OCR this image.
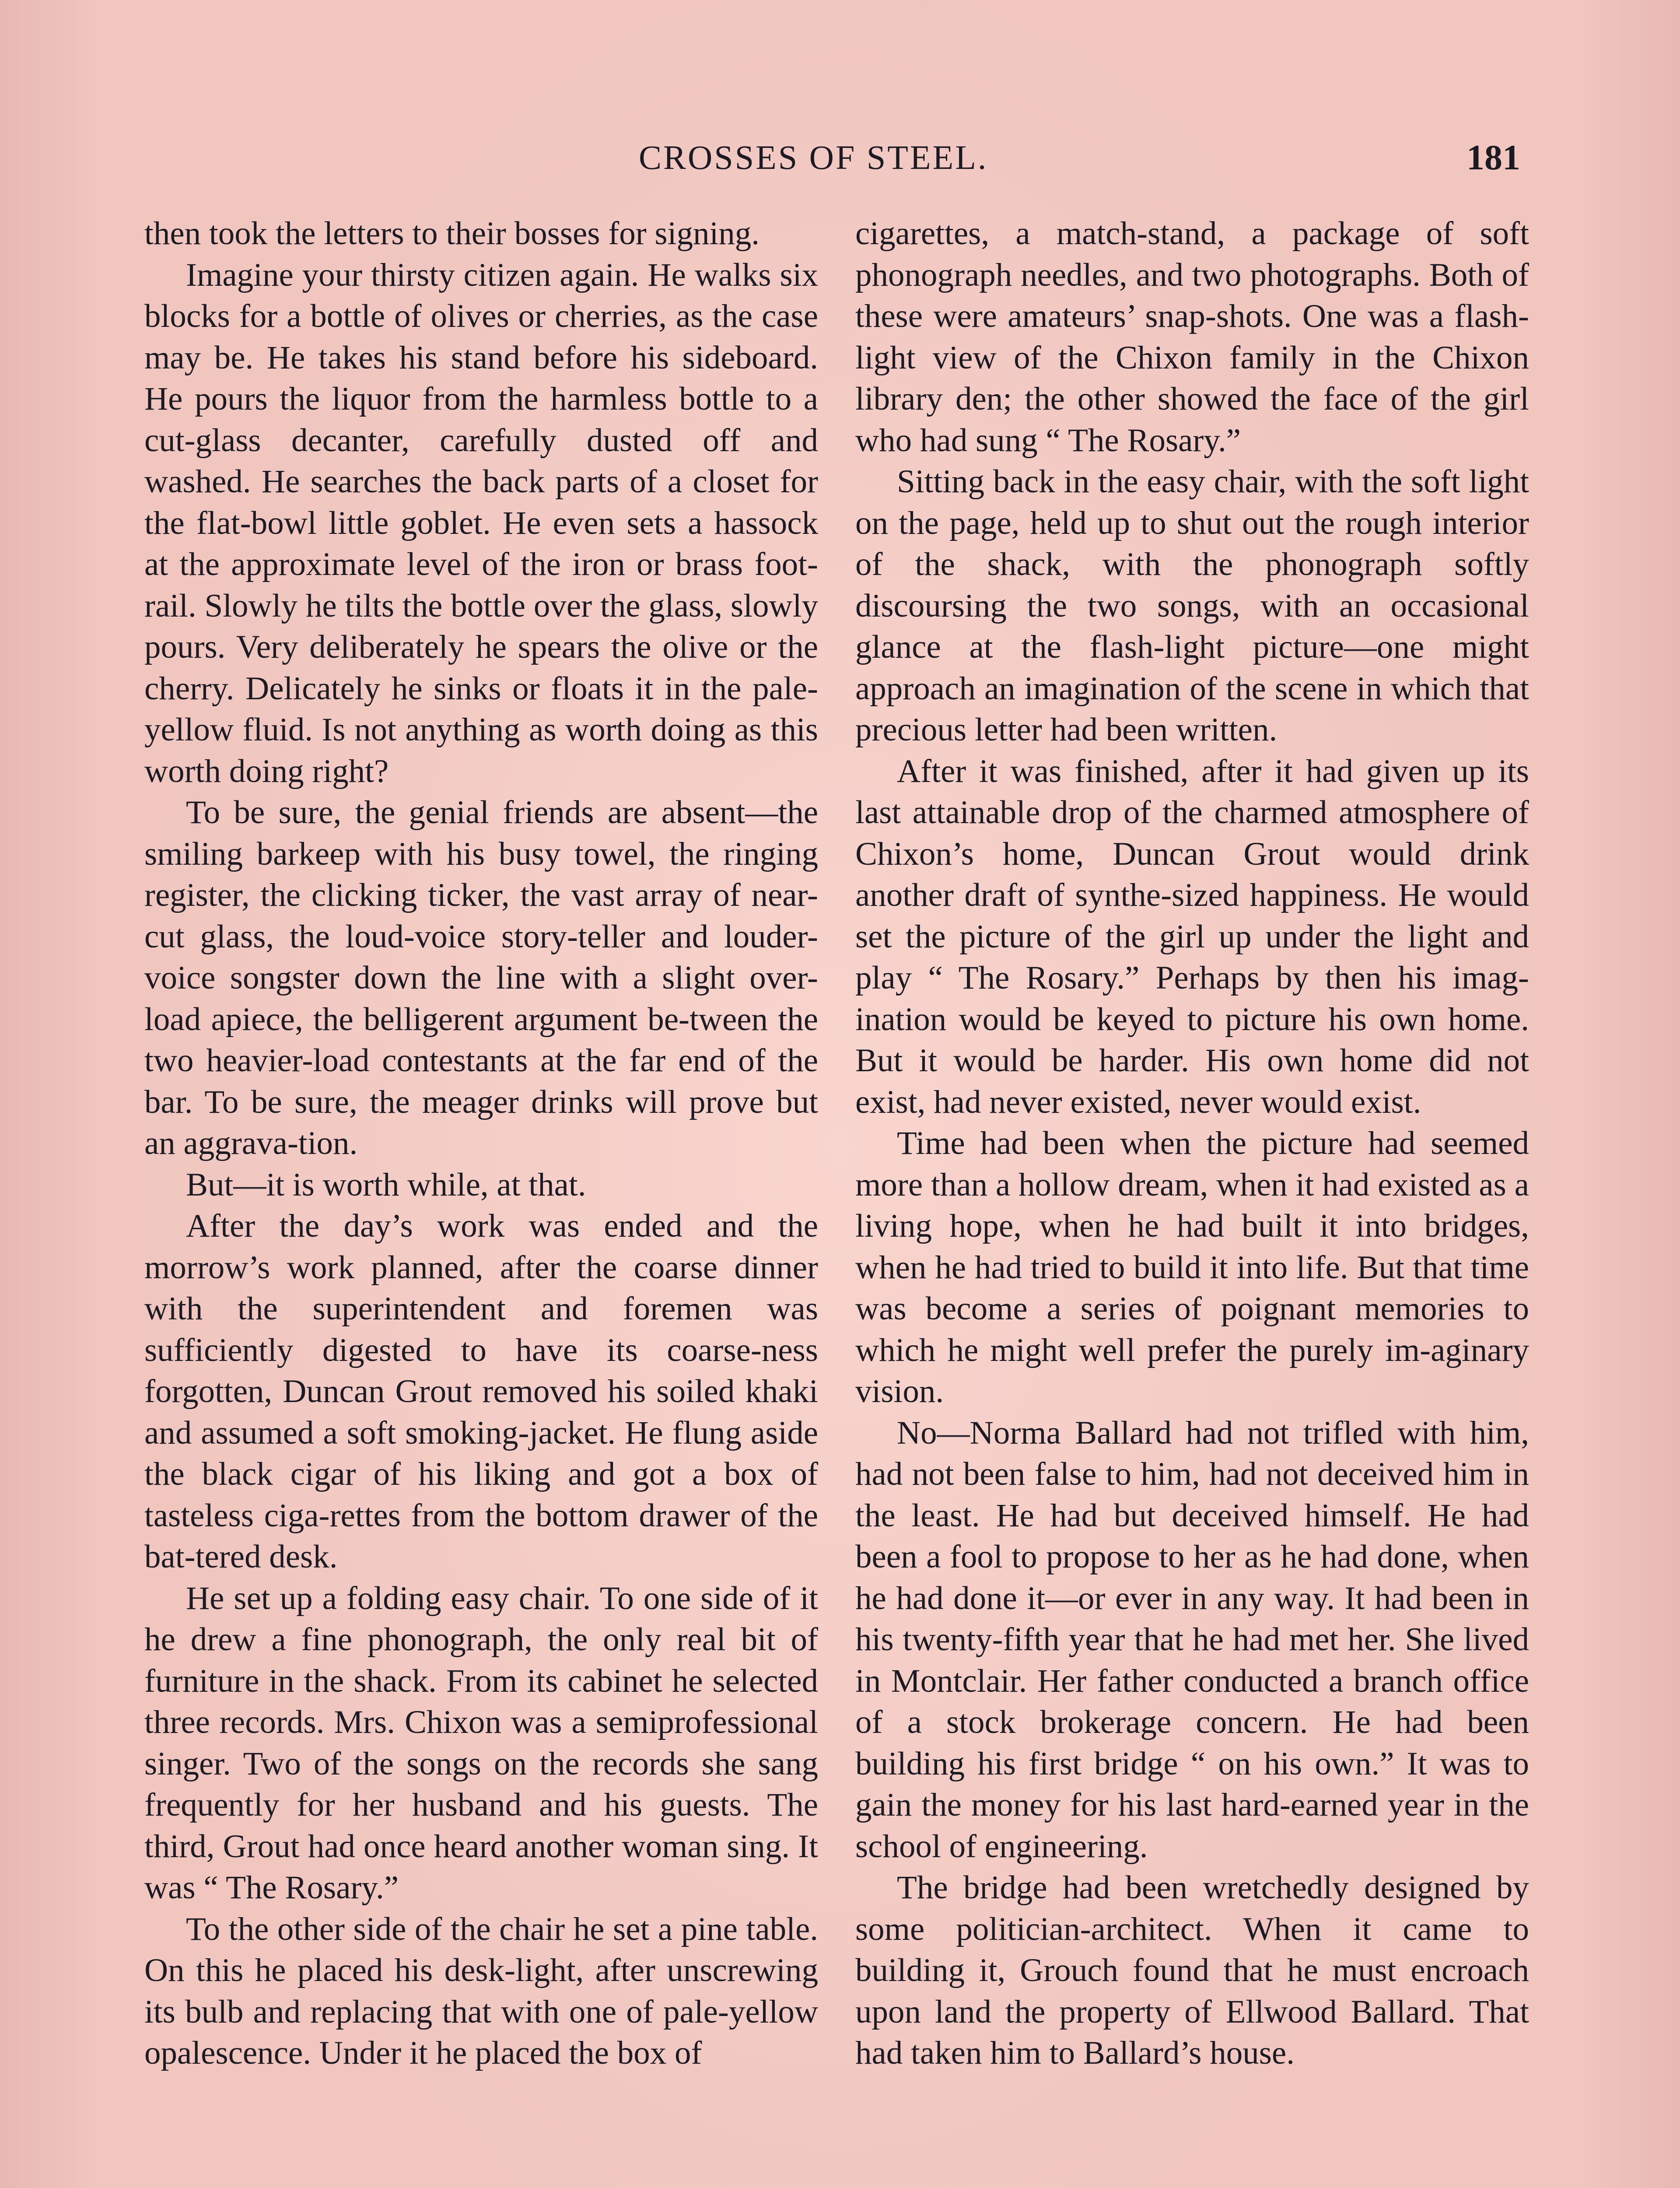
CROSSES OF STEEL.	181

then took the letters to their bosses for signing.

Imagine your thirsty citizen again. He walks six blocks for a bottle of olives or cherries, as the case may be. He takes his stand before his sideboard. He pours the liquor from the harmless bottle to a cut-glass decanter, carefully dusted off and washed. He searches the back parts of a closet for the flat-bowl little goblet. He even sets a hassock at the approximate level of the iron or brass foot-rail. Slowly he tilts the bottle over the glass, slowly pours. Very deliberately he spears the olive or the cherry. Delicately he sinks or floats it in the pale-yellow fluid. Is not anything as worth doing as this worth doing right?

To be sure, the genial friends are absent—the smiling barkeep with his busy towel, the ringing register, the clicking ticker, the vast array of near-cut glass, the loud-voice story-teller and louder-voice songster down the line with a slight over-load apiece, the belligerent argument be-tween the two heavier-load contestants at the far end of the bar. To be sure, the meager drinks will prove but an aggrava-tion.

But—it is worth while, at that.

After the day’s work was ended and the morrow’s work planned, after the coarse dinner with the superintendent and foremen was sufficiently digested to have its coarse-ness forgotten, Duncan Grout removed his soiled khaki and assumed a soft smoking-jacket. He flung aside the black cigar of his liking and got a box of tasteless ciga-rettes from the bottom drawer of the bat-tered desk.

He set up a folding easy chair. To one side of it he drew a fine phonograph, the only real bit of furniture in the shack. From its cabinet he selected three records. Mrs. Chixon was a semiprofessional singer. Two of the songs on the records she sang frequently for her husband and his guests. The third, Grout had once heard another woman sing. It was “ The Rosary.”

To the other side of the chair he set a pine table. On this he placed his desk-light, after unscrewing its bulb and replacing that with one of pale-yellow opalescence. Under it he placed the box of

cigarettes, a match-stand, a package of soft phonograph needles, and two photographs. Both of these were amateurs’ snap-shots. One was a flash-light view of the Chixon family in the Chixon library den; the other showed the face of the girl who had sung “ The Rosary.”

Sitting back in the easy chair, with the soft light on the page, held up to shut out the rough interior of the shack, with the phonograph softly discoursing the two songs, with an occasional glance at the flash-light picture—one might approach an imagination of the scene in which that precious letter had been written.

After it was finished, after it had given up its last attainable drop of the charmed atmosphere of Chixon’s home, Duncan Grout would drink another draft of synthe-sized happiness. He would set the picture of the girl up under the light and play “ The Rosary.” Perhaps by then his imag-ination would be keyed to picture his own home. But it would be harder. His own home did not exist, had never existed, never would exist.

Time had been when the picture had seemed more than a hollow dream, when it had existed as a living hope, when he had built it into bridges, when he had tried to build it into life. But that time was become a series of poignant memories to which he might well prefer the purely im-aginary vision.

No—Norma Ballard had not trifled with him, had not been false to him, had not deceived him in the least. He had but deceived himself. He had been a fool to propose to her as he had done, when he had done it—or ever in any way. It had been in his twenty-fifth year that he had met her. She lived in Montclair. Her father conducted a branch office of a stock brokerage concern. He had been building his first bridge “ on his own.” It was to gain the money for his last hard-earned year in the school of engineering.

The bridge had been wretchedly designed by some politician-architect. When it came to building it, Grouch found that he must encroach upon land the property of Ellwood Ballard. That had taken him to Ballard’s house.
